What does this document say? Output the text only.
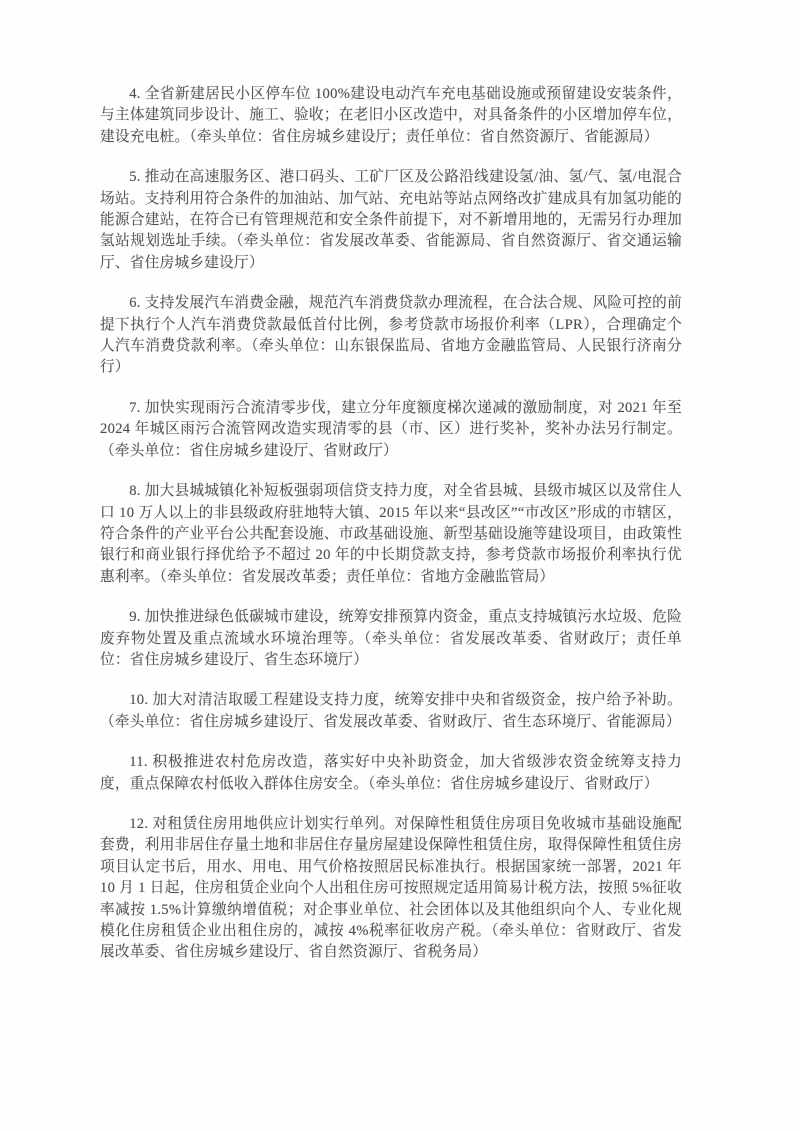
4. 全省新建居民小区停车位 100%建设电动汽车充电基础设施或预留建设安装条件，与主体建筑同步设计、施工、验收；在老旧小区改造中，对具备条件的小区增加停车位，建设充电桩。（牵头单位：省住房城乡建设厅；责任单位：省自然资源厅、省能源局）

5. 推动在高速服务区、港口码头、工矿厂区及公路沿线建设氢/油、氢/气、氢/电混合场站。支持利用符合条件的加油站、加气站、充电站等站点网络改扩建成具有加氢功能的能源合建站，在符合已有管理规范和安全条件前提下，对不新增用地的，无需另行办理加氢站规划选址手续。（牵头单位：省发展改革委、省能源局、省自然资源厅、省交通运输厅、省住房城乡建设厅）

6. 支持发展汽车消费金融，规范汽车消费贷款办理流程，在合法合规、风险可控的前提下执行个人汽车消费贷款最低首付比例，参考贷款市场报价利率（LPR），合理确定个人汽车消费贷款利率。（牵头单位：山东银保监局、省地方金融监管局、人民银行济南分行）

7. 加快实现雨污合流清零步伐，建立分年度额度梯次递减的激励制度，对 2021 年至 2024 年城区雨污合流管网改造实现清零的县（市、区）进行奖补，奖补办法另行制定。（牵头单位：省住房城乡建设厅、省财政厅）

8. 加大县城城镇化补短板强弱项信贷支持力度，对全省县城、县级市城区以及常住人口 10 万人以上的非县级政府驻地特大镇、2015 年以来“县改区”“市改区”形成的市辖区，符合条件的产业平台公共配套设施、市政基础设施、新型基础设施等建设项目，由政策性银行和商业银行择优给予不超过 20 年的中长期贷款支持，参考贷款市场报价利率执行优惠利率。（牵头单位：省发展改革委；责任单位：省地方金融监管局）

9. 加快推进绿色低碳城市建设，统筹安排预算内资金，重点支持城镇污水垃圾、危险废弃物处置及重点流域水环境治理等。（牵头单位：省发展改革委、省财政厅；责任单位：省住房城乡建设厅、省生态环境厅）

10. 加大对清洁取暖工程建设支持力度，统筹安排中央和省级资金，按户给予补助。（牵头单位：省住房城乡建设厅、省发展改革委、省财政厅、省生态环境厅、省能源局）

11. 积极推进农村危房改造，落实好中央补助资金，加大省级涉农资金统筹支持力度，重点保障农村低收入群体住房安全。（牵头单位：省住房城乡建设厅、省财政厅）

12. 对租赁住房用地供应计划实行单列。对保障性租赁住房项目免收城市基础设施配套费，利用非居住存量土地和非居住存量房屋建设保障性租赁住房，取得保障性租赁住房项目认定书后，用水、用电、用气价格按照居民标准执行。根据国家统一部署，2021 年 10 月 1 日起，住房租赁企业向个人出租住房可按照规定适用简易计税方法，按照 5%征收率减按 1.5%计算缴纳增值税；对企事业单位、社会团体以及其他组织向个人、专业化规模化住房租赁企业出租住房的，减按 4%税率征收房产税。（牵头单位：省财政厅、省发展改革委、省住房城乡建设厅、省自然资源厅、省税务局）
